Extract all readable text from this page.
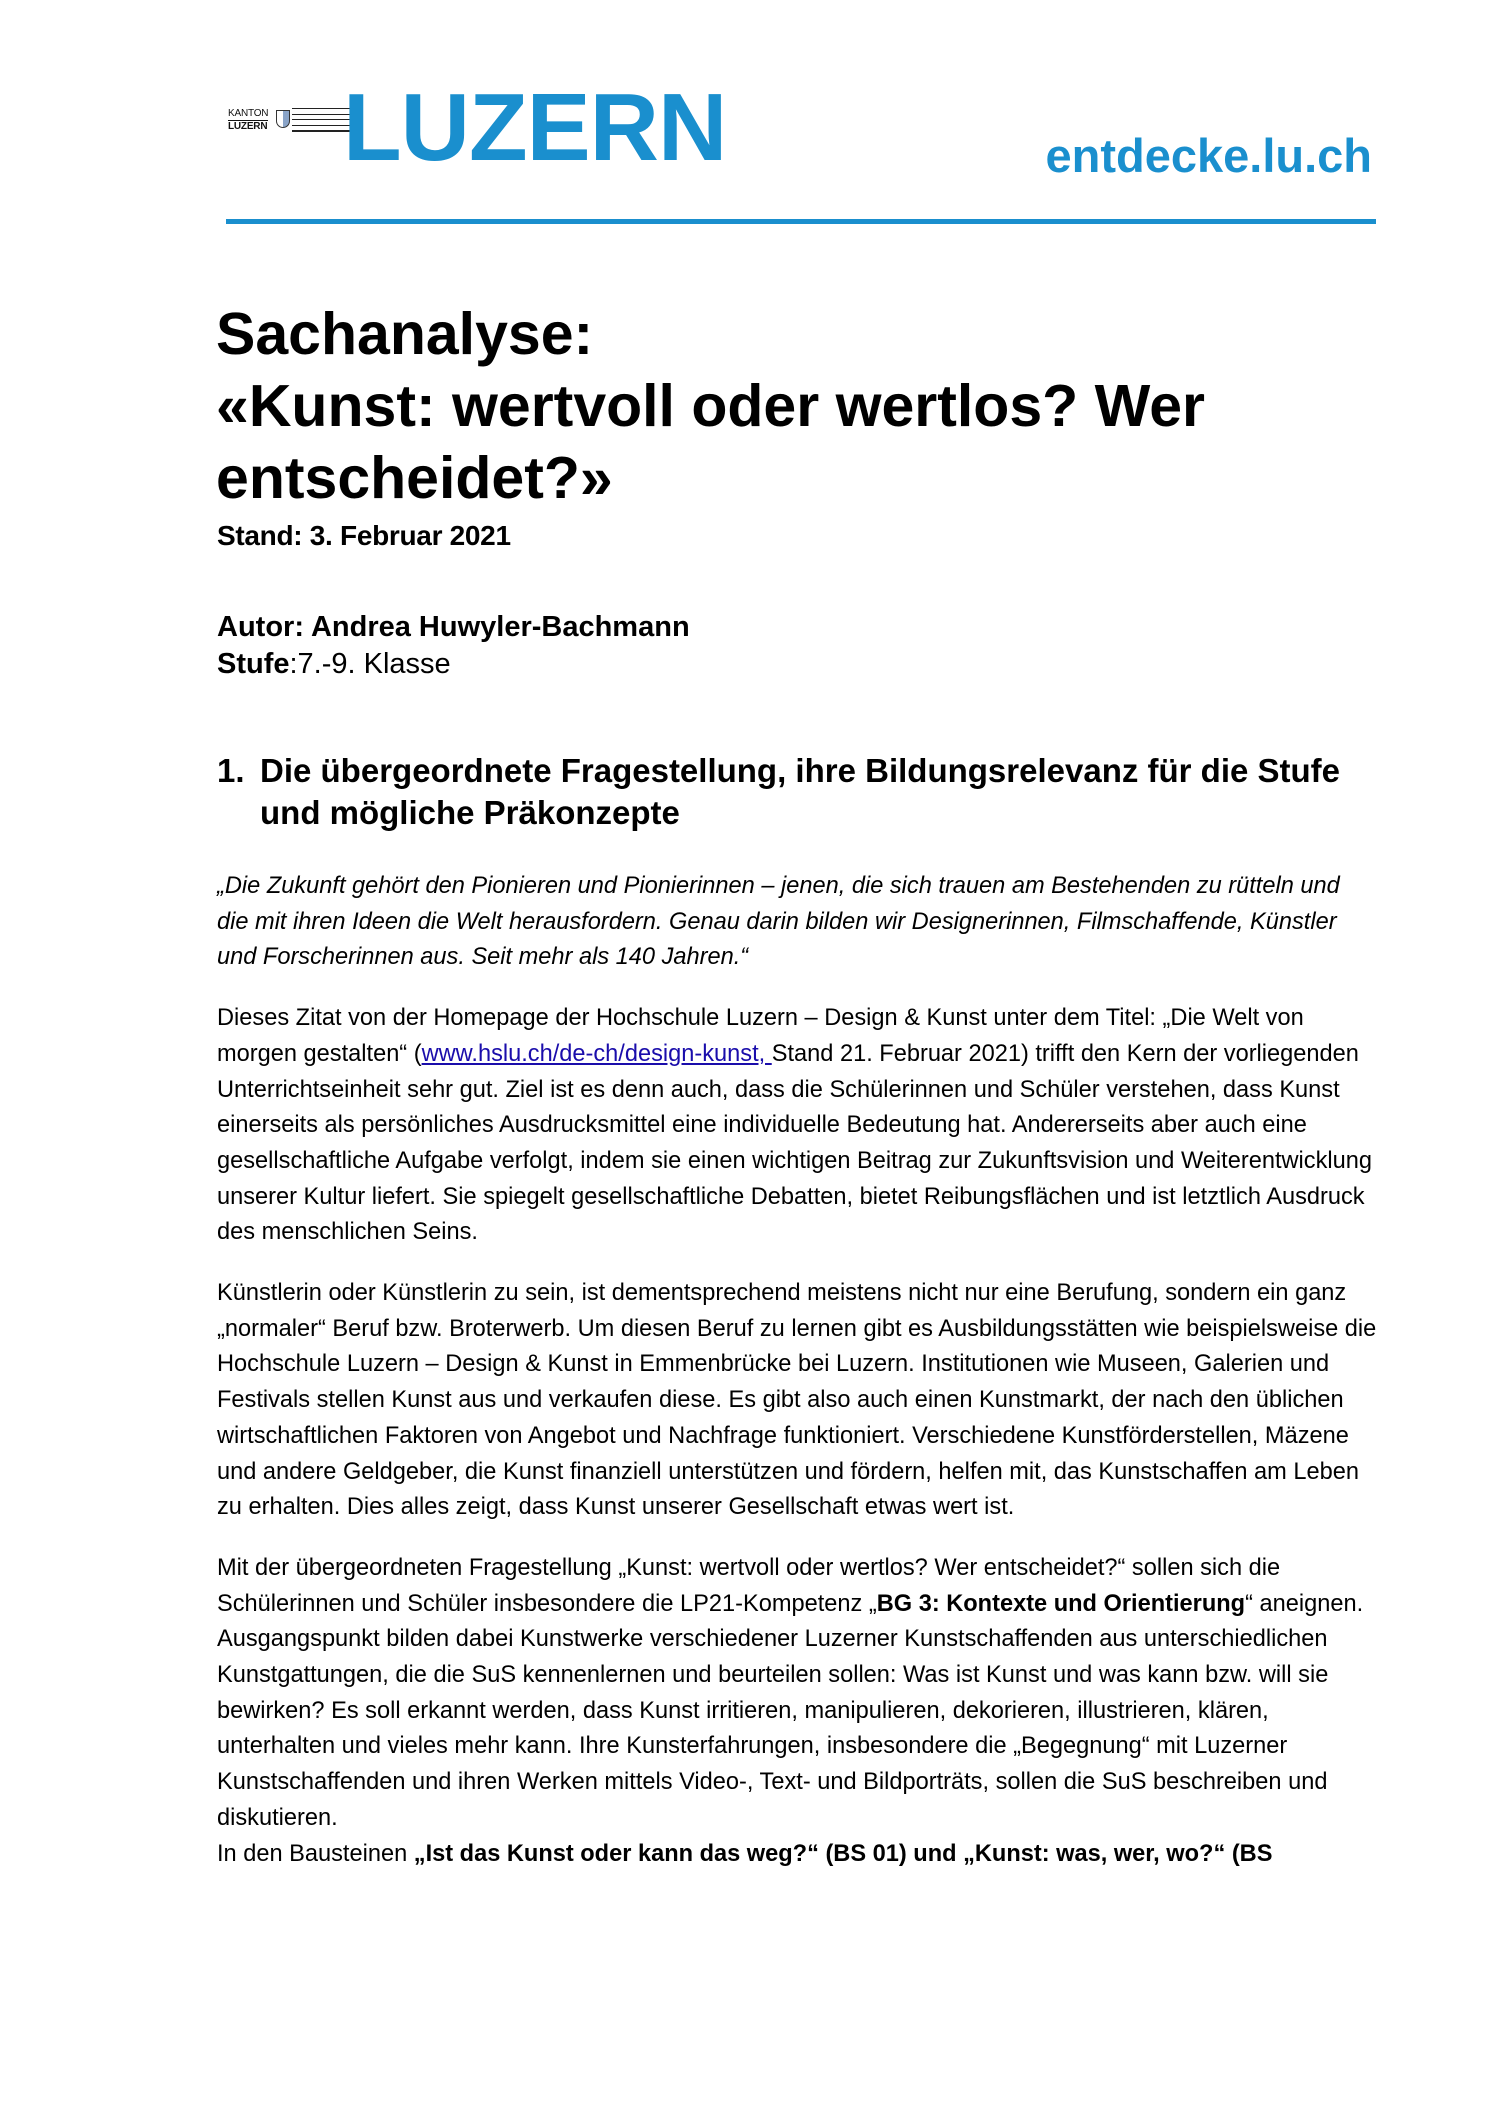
KANTON
LUZERN LUZERN	entdecke.lu.ch
Sachanalyse:
«Kunst: wertvoll oder wertlos? Wer entscheidet?»
Stand: 3. Februar 2021
Autor: Andrea Huwyler-Bachmann
Stufe:7.-9. Klasse
1. Die übergeordnete Fragestellung, ihre Bildungsrelevanz für die Stufe und mögliche Präkonzepte

„Die Zukunft gehört den Pionieren und Pionierinnen – jenen, die sich trauen am Bestehenden zu rütteln und die mit ihren Ideen die Welt herausfordern. Genau darin bilden wir Designerinnen, Filmschaffende, Künstler und Forscherinnen aus. Seit mehr als 140 Jahren.“

Dieses Zitat von der Homepage der Hochschule Luzern – Design & Kunst unter dem Titel: „Die Welt von morgen gestalten“ (www.hslu.ch/de-ch/design-kunst, Stand 21. Februar 2021) trifft den Kern der vorliegenden Unterrichtseinheit sehr gut. Ziel ist es denn auch, dass die Schülerinnen und Schüler verstehen, dass Kunst einerseits als persönliches Ausdrucksmittel eine individuelle Bedeutung hat. Andererseits aber auch eine gesellschaftliche Aufgabe verfolgt, indem sie einen wichtigen Beitrag zur Zukunftsvision und Weiterentwicklung unserer Kultur liefert. Sie spiegelt gesellschaftliche Debatten, bietet Reibungsflächen und ist letztlich Ausdruck des menschlichen Seins.

Künstlerin oder Künstlerin zu sein, ist dementsprechend meistens nicht nur eine Berufung, sondern ein ganz „normaler“ Beruf bzw. Broterwerb. Um diesen Beruf zu lernen gibt es Ausbildungsstätten wie beispielsweise die Hochschule Luzern – Design & Kunst in Emmenbrücke bei Luzern. Institutionen wie Museen, Galerien und Festivals stellen Kunst aus und verkaufen diese. Es gibt also auch einen Kunstmarkt, der nach den üblichen wirtschaftlichen Faktoren von Angebot und Nachfrage funktioniert. Verschiedene Kunstförderstellen, Mäzene und andere Geldgeber, die Kunst finanziell unterstützen und fördern, helfen mit, das Kunstschaffen am Leben zu erhalten. Dies alles zeigt, dass Kunst unserer Gesellschaft etwas wert ist.

Mit der übergeordneten Fragestellung „Kunst: wertvoll oder wertlos? Wer entscheidet?“ sollen sich die Schülerinnen und Schüler insbesondere die LP21-Kompetenz „BG 3: Kontexte und Orientierung“ aneignen. Ausgangspunkt bilden dabei Kunstwerke verschiedener Luzerner Kunstschaffenden aus unterschiedlichen Kunstgattungen, die die SuS kennenlernen und beurteilen sollen: Was ist Kunst und was kann bzw. will sie bewirken? Es soll erkannt werden, dass Kunst irritieren, manipulieren, dekorieren, illustrieren, klären, unterhalten und vieles mehr kann. Ihre Kunsterfahrungen, insbesondere die „Begegnung“ mit Luzerner Kunstschaffenden und ihren Werken mittels Video-, Text- und Bildporträts, sollen die SuS beschreiben und diskutieren.

In den Bausteinen „Ist das Kunst oder kann das weg?“ (BS 01) und „Kunst: was, wer, wo?“ (BS
